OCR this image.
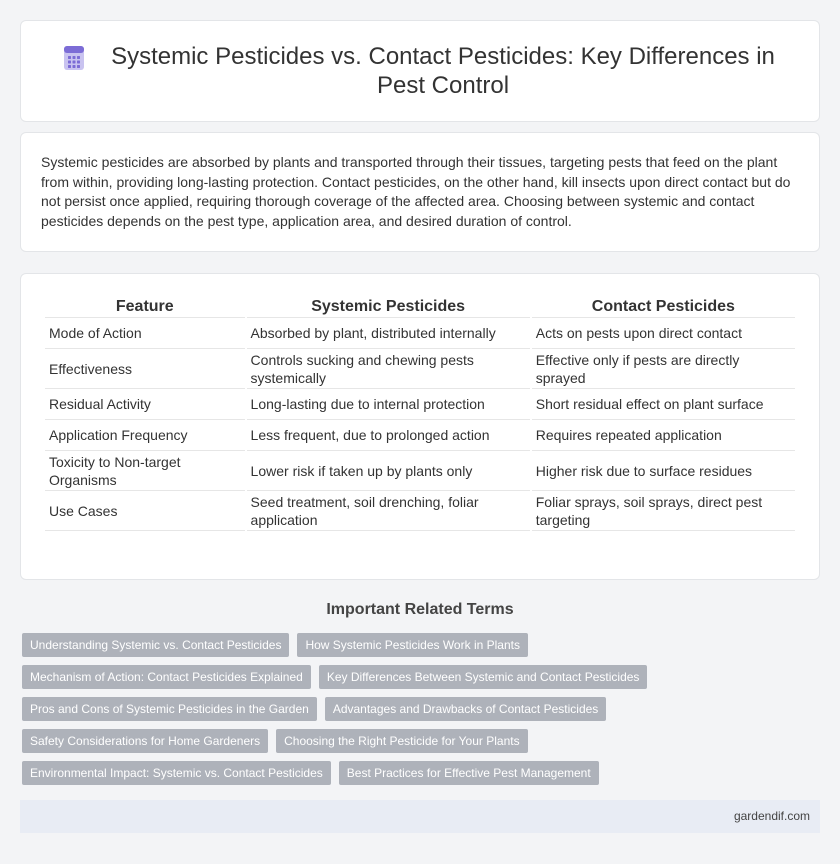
Systemic Pesticides vs. Contact Pesticides: Key Differences in Pest Control

Systemic pesticides are absorbed by plants and transported through their tissues, targeting pests that feed on the plant from within, providing long-lasting protection. Contact pesticides, on the other hand, kill insects upon direct contact but do not persist once applied, requiring thorough coverage of the affected area. Choosing between systemic and contact pesticides depends on the pest type, application area, and desired duration of control.

Feature	Systemic Pesticides	Contact Pesticides
Mode of Action	Absorbed by plant, distributed internally	Acts on pests upon direct contact
Effectiveness	Controls sucking and chewing pests systemically	Effective only if pests are directly sprayed
Residual Activity	Long-lasting due to internal protection	Short residual effect on plant surface
Application Frequency	Less frequent, due to prolonged action	Requires repeated application
Toxicity to Non-target Organisms	Lower risk if taken up by plants only	Higher risk due to surface residues
Use Cases	Seed treatment, soil drenching, foliar application	Foliar sprays, soil sprays, direct pest targeting
Important Related Terms
Understanding Systemic vs. Contact Pesticides	How Systemic Pesticides Work in Plants
Mechanism of Action: Contact Pesticides Explained	Key Differences Between Systemic and Contact Pesticides
Pros and Cons of Systemic Pesticides in the Garden	Advantages and Drawbacks of Contact Pesticides
Safety Considerations for Home Gardeners	Choosing the Right Pesticide for Your Plants
Environmental Impact: Systemic vs. Contact Pesticides	Best Practices for Effective Pest Management
gardendif.com
